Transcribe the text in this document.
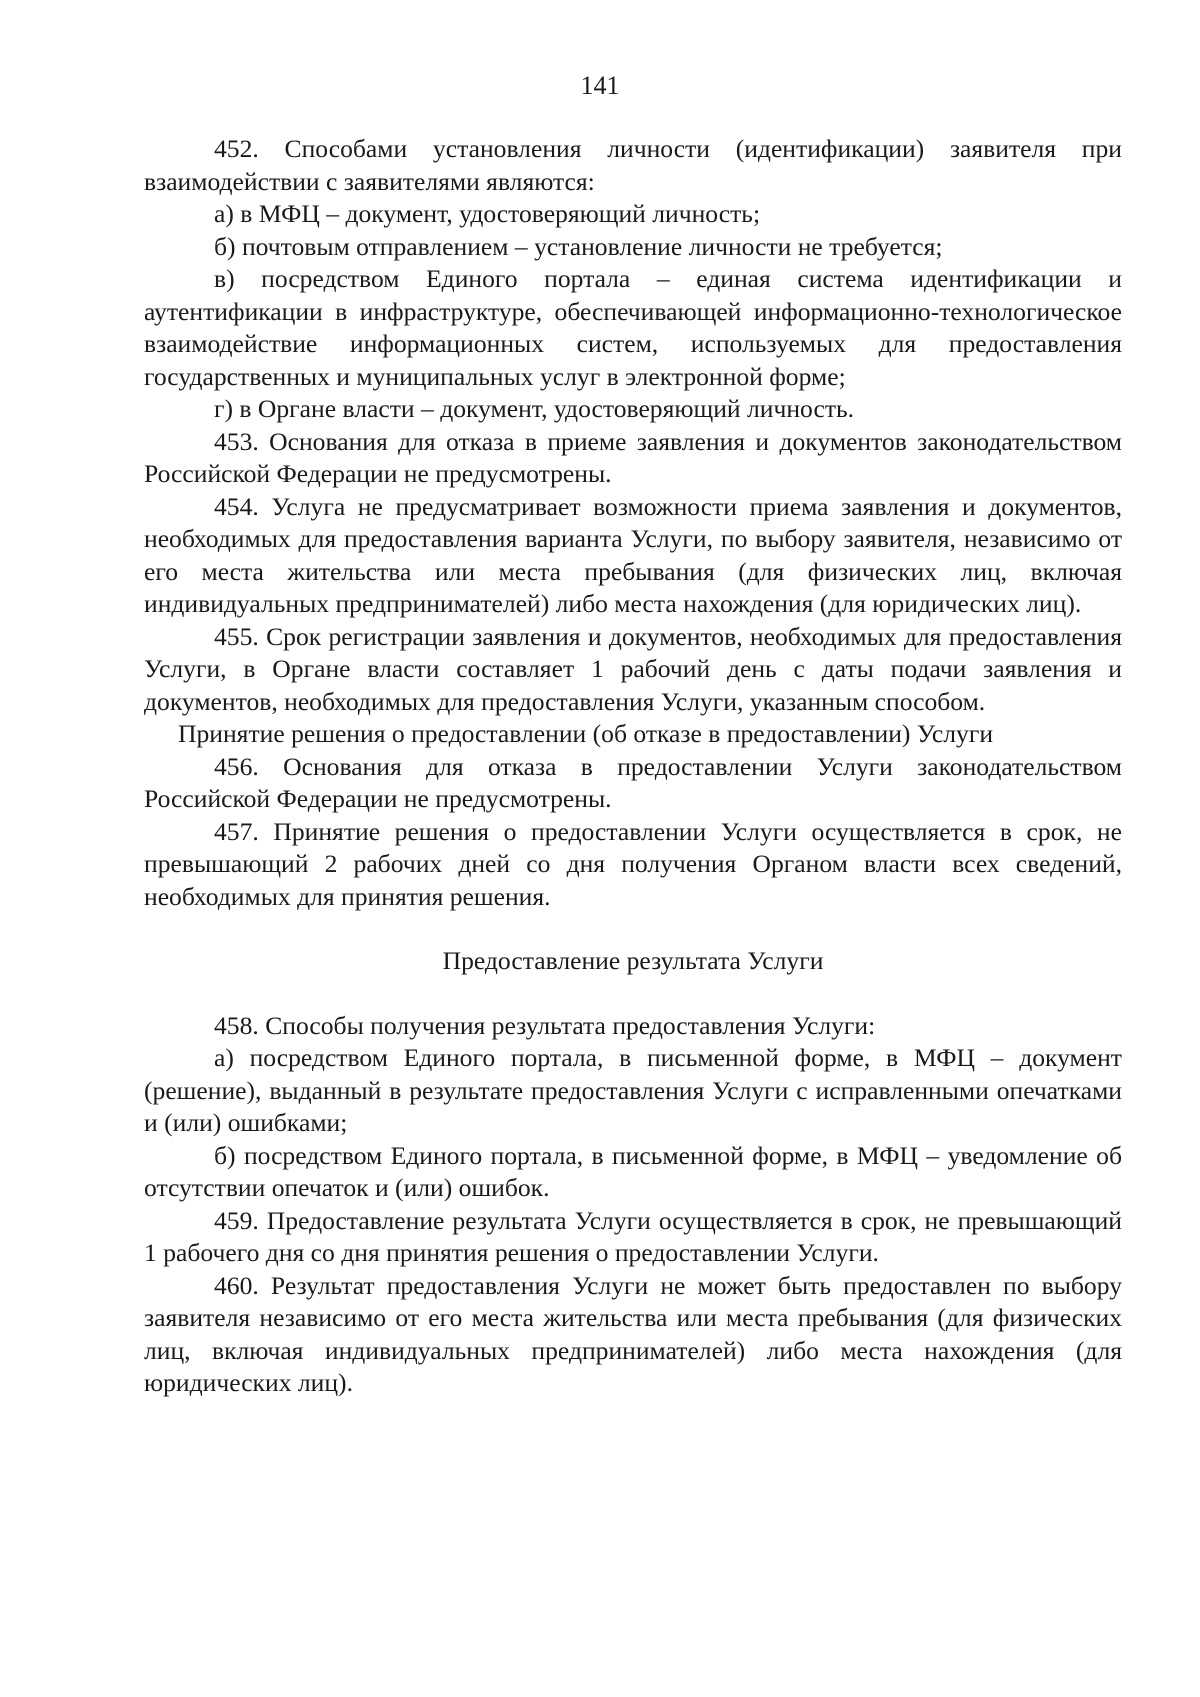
141

452. Способами установления личности (идентификации) заявителя при взаимодействии с заявителями являются:

а) в МФЦ – документ, удостоверяющий личность;

б) почтовым отправлением – установление личности не требуется;

в) посредством Единого портала – единая система идентификации и аутентификации в инфраструктуре, обеспечивающей информационно-технологическое взаимодействие информационных систем, используемых для предоставления государственных и муниципальных услуг в электронной форме;

г) в Органе власти – документ, удостоверяющий личность.

453. Основания для отказа в приеме заявления и документов законодательством Российской Федерации не предусмотрены.

454. Услуга не предусматривает возможности приема заявления и документов, необходимых для предоставления варианта Услуги, по выбору заявителя, независимо от его места жительства или места пребывания (для физических лиц, включая индивидуальных предпринимателей) либо места нахождения (для юридических лиц).

455. Срок регистрации заявления и документов, необходимых для предоставления Услуги, в Органе власти составляет 1 рабочий день с даты подачи заявления и документов, необходимых для предоставления Услуги, указанным способом.

Принятие решения о предоставлении (об отказе в предоставлении) Услуги

456. Основания для отказа в предоставлении Услуги законодательством Российской Федерации не предусмотрены.

457. Принятие решения о предоставлении Услуги осуществляется в срок, не превышающий 2 рабочих дней со дня получения Органом власти всех сведений, необходимых для принятия решения.

Предоставление результата Услуги

458. Способы получения результата предоставления Услуги:

а) посредством Единого портала, в письменной форме, в МФЦ – документ (решение), выданный в результате предоставления Услуги с исправленными опечатками и (или) ошибками;

б) посредством Единого портала, в письменной форме, в МФЦ – уведомление об отсутствии опечаток и (или) ошибок.

459. Предоставление результата Услуги осуществляется в срок, не превышающий 1 рабочего дня со дня принятия решения о предоставлении Услуги.

460. Результат предоставления Услуги не может быть предоставлен по выбору заявителя независимо от его места жительства или места пребывания (для физических лиц, включая индивидуальных предпринимателей) либо места нахождения (для юридических лиц).
